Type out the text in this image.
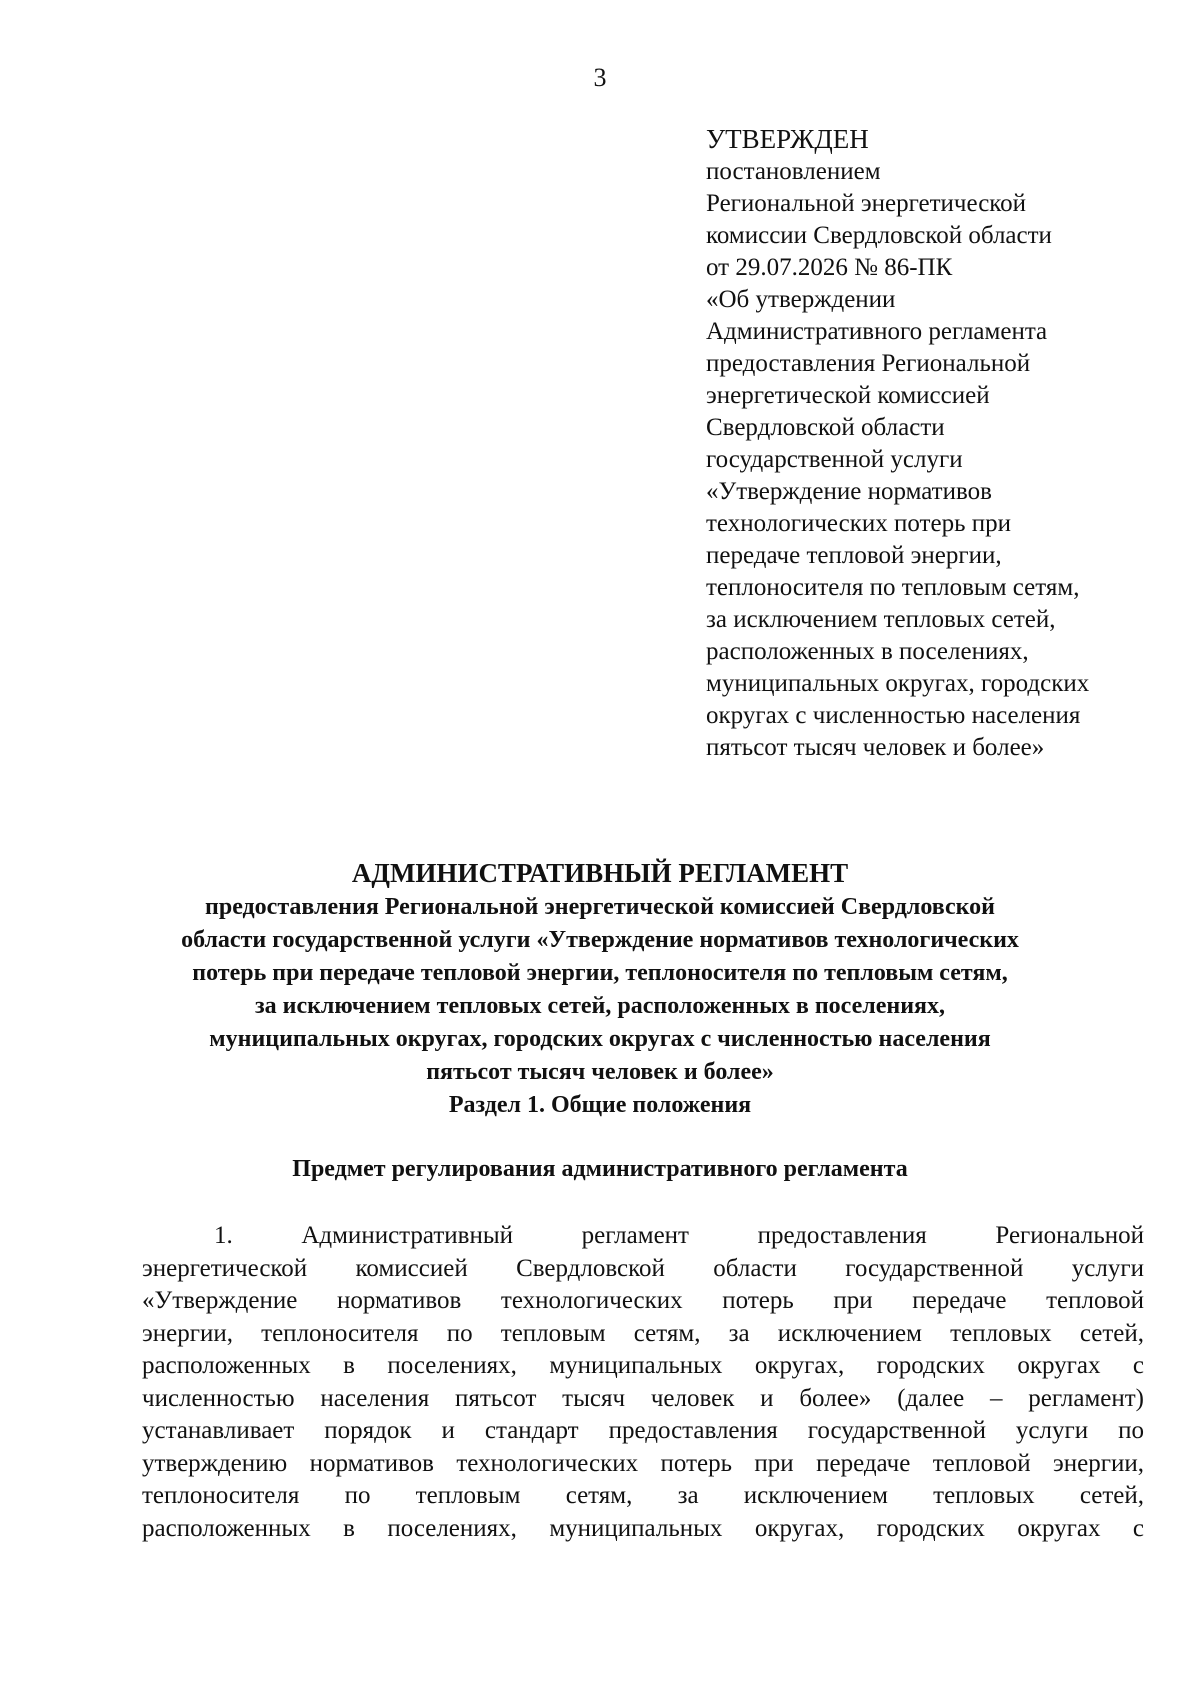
3
УТВЕРЖДЕН
постановлением
Региональной энергетической
комиссии Свердловской области
от 29.07.2026 № 86-ПК
«Об утверждении
Административного регламента
предоставления Региональной
энергетической комиссией
Свердловской области
государственной услуги
«Утверждение нормативов
технологических потерь при
передаче тепловой энергии,
теплоносителя по тепловым сетям,
за исключением тепловых сетей,
расположенных в поселениях,
муниципальных округах, городских
округах с численностью населения
пятьсот тысяч человек и более»
АДМИНИСТРАТИВНЫЙ РЕГЛАМЕНТ
предоставления Региональной энергетической комиссией Свердловской
области государственной услуги «Утверждение нормативов технологических
потерь при передаче тепловой энергии, теплоносителя по тепловым сетям,
за исключением тепловых сетей, расположенных в поселениях,
муниципальных округах, городских округах с численностью населения
пятьсот тысяч человек и более»
Раздел 1. Общие положения
Предмет регулирования административного регламента
1. Административный регламент предоставления Региональной
энергетической комиссией Свердловской области государственной услуги
«Утверждение нормативов технологических потерь при передаче тепловой
энергии, теплоносителя по тепловым сетям, за исключением тепловых сетей,
расположенных в поселениях, муниципальных округах, городских округах с
численностью населения пятьсот тысяч человек и более» (далее – регламент)
устанавливает порядок и стандарт предоставления государственной услуги по
утверждению нормативов технологических потерь при передаче тепловой энергии,
теплоносителя по тепловым сетям, за исключением тепловых сетей,
расположенных в поселениях, муниципальных округах, городских округах с
